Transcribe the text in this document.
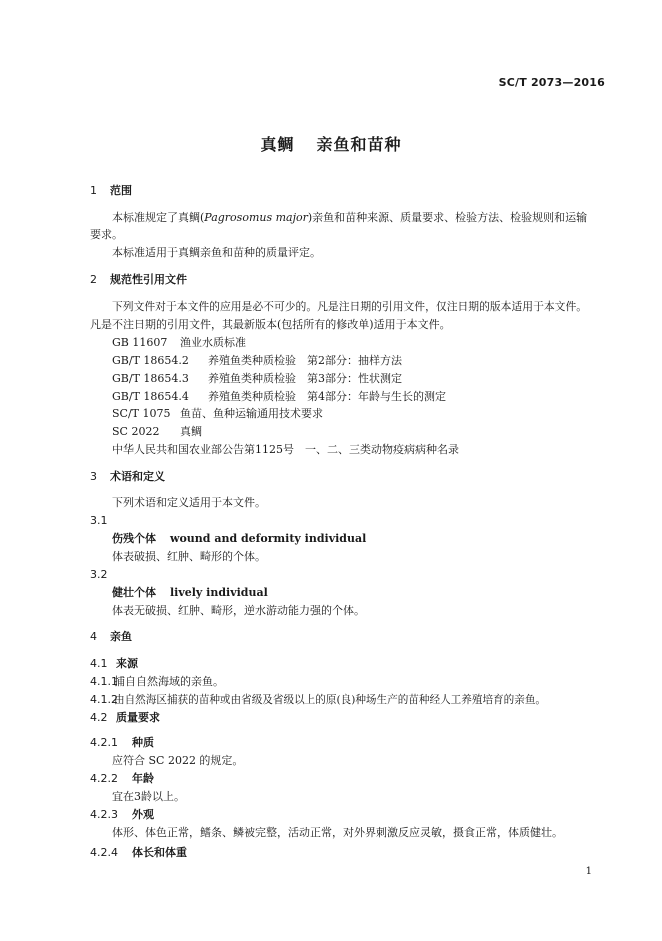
SC/T 2073—2016
真鲷 亲鱼和苗种
1 范围
本标准规定了真鲷(Pagrosomus major)亲鱼和苗种来源、质量要求、检验方法、检验规则和运输
要求。
本标准适用于真鲷亲鱼和苗种的质量评定。
2 规范性引用文件
下列文件对于本文件的应用是必不可少的。凡是注日期的引用文件，仅注日期的版本适用于本文件。
凡是不注日期的引用文件，其最新版本(包括所有的修改单)适用于本文件。
GB 11607 渔业水质标准
GB/T 18654.2 养殖鱼类种质检验　第2部分：抽样方法
GB/T 18654.3 养殖鱼类种质检验　第3部分：性状测定
GB/T 18654.4 养殖鱼类种质检验　第4部分：年龄与生长的测定
SC/T 1075 鱼苗、鱼种运输通用技术要求
SC 2022 真鲷
中华人民共和国农业部公告第1125号　一、二、三类动物疫病病种名录
3 术语和定义
下列术语和定义适用于本文件。
3.1
伤残个体 wound and deformity individual
体表破损、红肿、畸形的个体。
3.2
健壮个体 lively individual
体表无破损、红肿、畸形，逆水游动能力强的个体。
4 亲鱼
4.1 来源
4.1.1捕自自然海域的亲鱼。
4.1.2由自然海区捕获的苗种或由省级及省级以上的原(良)种场生产的苗种经人工养殖培育的亲鱼。
4.2 质量要求
4.2.1 种质
应符合 SC 2022 的规定。
4.2.2 年龄
宜在3龄以上。
4.2.3 外观
体形、体色正常，鳍条、鳞被完整，活动正常，对外界刺激反应灵敏，摄食正常，体质健壮。
4.2.4 体长和体重
1
